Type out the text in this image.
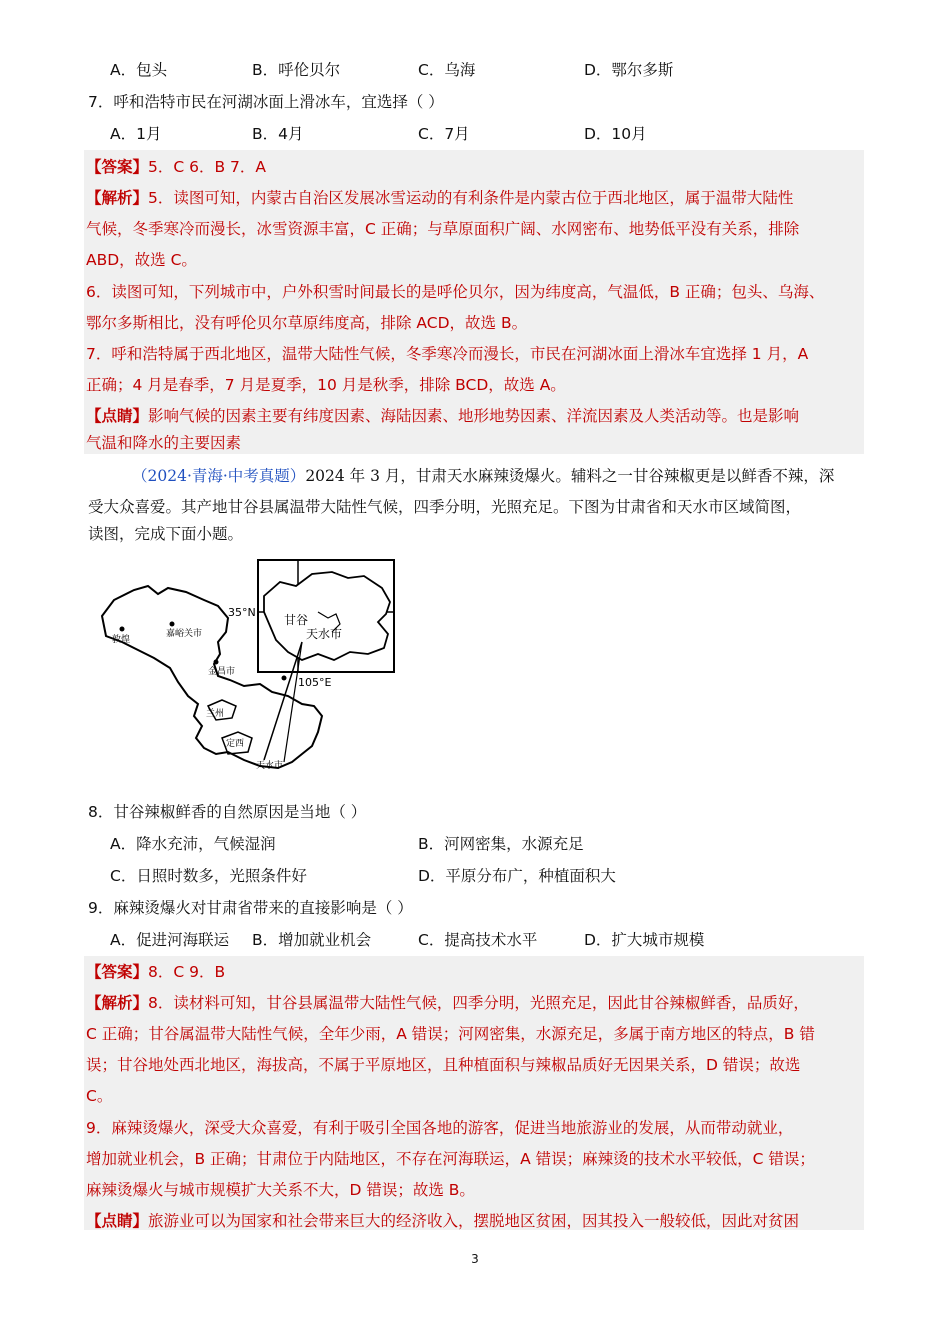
A．包头	B．呼伦贝尔	C．乌海	D．鄂尔多斯
7．呼和浩特市民在河湖冰面上滑冰车，宜选择（ ）
A．1月	B．4月	C．7月	D．10月
【答案】5．C 6．B 7．A
【解析】5．读图可知，内蒙古自治区发展冰雪运动的有利条件是内蒙古位于西北地区，属于温带大陆性
气候，冬季寒冷而漫长，冰雪资源丰富，C 正确；与草原面积广阔、水网密布、地势低平没有关系，排除
ABD，故选 C。
6．读图可知，下列城市中，户外积雪时间最长的是呼伦贝尔，因为纬度高，气温低，B 正确；包头、乌海、
鄂尔多斯相比，没有呼伦贝尔草原纬度高，排除 ACD，故选 B。
7．呼和浩特属于西北地区，温带大陆性气候，冬季寒冷而漫长，市民在河湖冰面上滑冰车宜选择 1 月，A
正确；4 月是春季，7 月是夏季，10 月是秋季，排除 BCD，故选 A。
【点睛】影响气候的因素主要有纬度因素、海陆因素、地形地势因素、洋流因素及人类活动等。也是影响
气温和降水的主要因素
（2024·青海·中考真题）2024 年 3 月，甘肃天水麻辣烫爆火。辅料之一甘谷辣椒更是以鲜香不辣，深
受大众喜爱。其产地甘谷县属温带大陆性气候，四季分明，光照充足。下图为甘肃省和天水市区域简图，
读图，完成下面小题。
35°N
105°E
甘谷
天水市
敦煌
嘉峪关市
金昌市
兰州
定西
天水市
8．甘谷辣椒鲜香的自然原因是当地（ ）
A．降水充沛，气候湿润	B．河网密集，水源充足
C．日照时数多，光照条件好	D．平原分布广，种植面积大
9．麻辣烫爆火对甘肃省带来的直接影响是（ ）
A．促进河海联运 B．增加就业机会	C．提高技术水平	D．扩大城市规模
【答案】8．C 9．B
【解析】8．读材料可知，甘谷县属温带大陆性气候，四季分明，光照充足，因此甘谷辣椒鲜香，品质好，
C 正确；甘谷属温带大陆性气候，全年少雨，A 错误；河网密集，水源充足，多属于南方地区的特点，B 错
误；甘谷地处西北地区，海拔高，不属于平原地区，且种植面积与辣椒品质好无因果关系，D 错误；故选
C。
9．麻辣烫爆火，深受大众喜爱，有利于吸引全国各地的游客，促进当地旅游业的发展，从而带动就业，
增加就业机会，B 正确；甘肃位于内陆地区，不存在河海联运，A 错误；麻辣烫的技术水平较低，C 错误；
麻辣烫爆火与城市规模扩大关系不大，D 错误；故选 B。
【点睛】旅游业可以为国家和社会带来巨大的经济收入，摆脱地区贫困，因其投入一般较低，因此对贫困
3
